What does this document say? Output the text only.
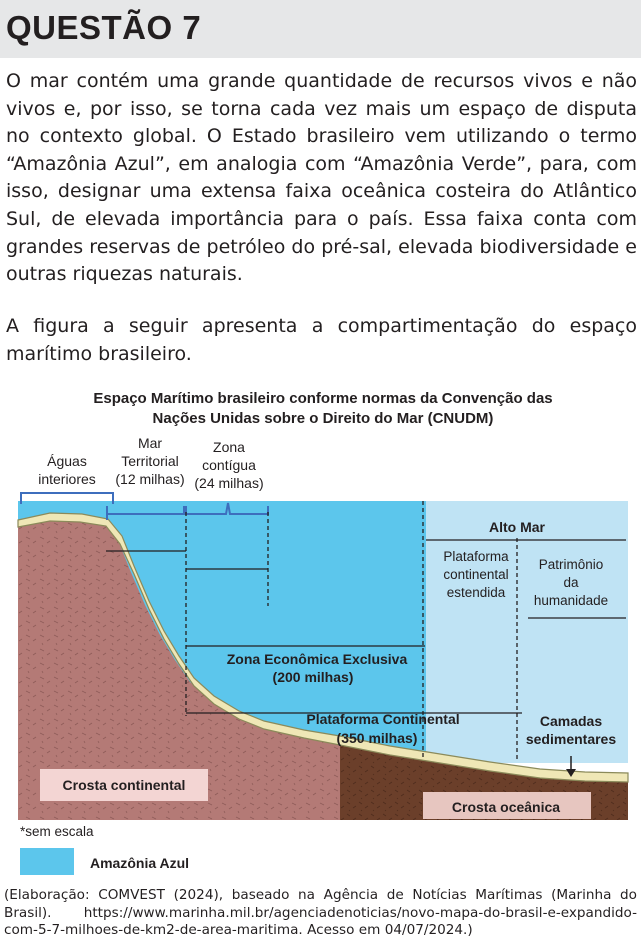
QUESTÃO 7

O mar contém uma grande quantidade de recursos vivos e não vivos e, por isso, se torna cada vez mais um espaço de disputa no contexto global. O Estado brasileiro vem utilizando o termo “Amazônia Azul”, em analogia com “Amazônia Verde”, para, com isso, designar uma extensa faixa oceânica costeira do Atlântico Sul, de elevada importância para o país. Essa faixa conta com grandes reservas de petróleo do pré-sal, elevada biodiversidade e outras riquezas naturais.

A figura a seguir apresenta a compartimentação do espaço marítimo brasileiro.

Espaço Marítimo brasileiro conforme normas da Convenção das
Nações Unidas sobre o Direito do Mar (CNUDM)
Águas
interiores
Mar
Territorial
(12 milhas)
Zona
contígua
(24 milhas)
Alto Mar
Plataforma
continental
estendida
Patrimônio
da
humanidade
Zona Econômica Exclusiva
(200 milhas)
Plataforma Continental
(350 milhas)
Camadas
sedimentares
Crosta continental
Crosta oceânica
*sem escala
Amazônia Azul

(Elaboração: COMVEST (2024), baseado na Agência de Notícias Marítimas (Marinha do Brasil). https://www.marinha.mil.br/agenciadenoticias/novo-mapa-do-brasil-e-expandido-com-5-7-milhoes-de-km2-de-area-maritima. Acesso em 04/07/2024.)
